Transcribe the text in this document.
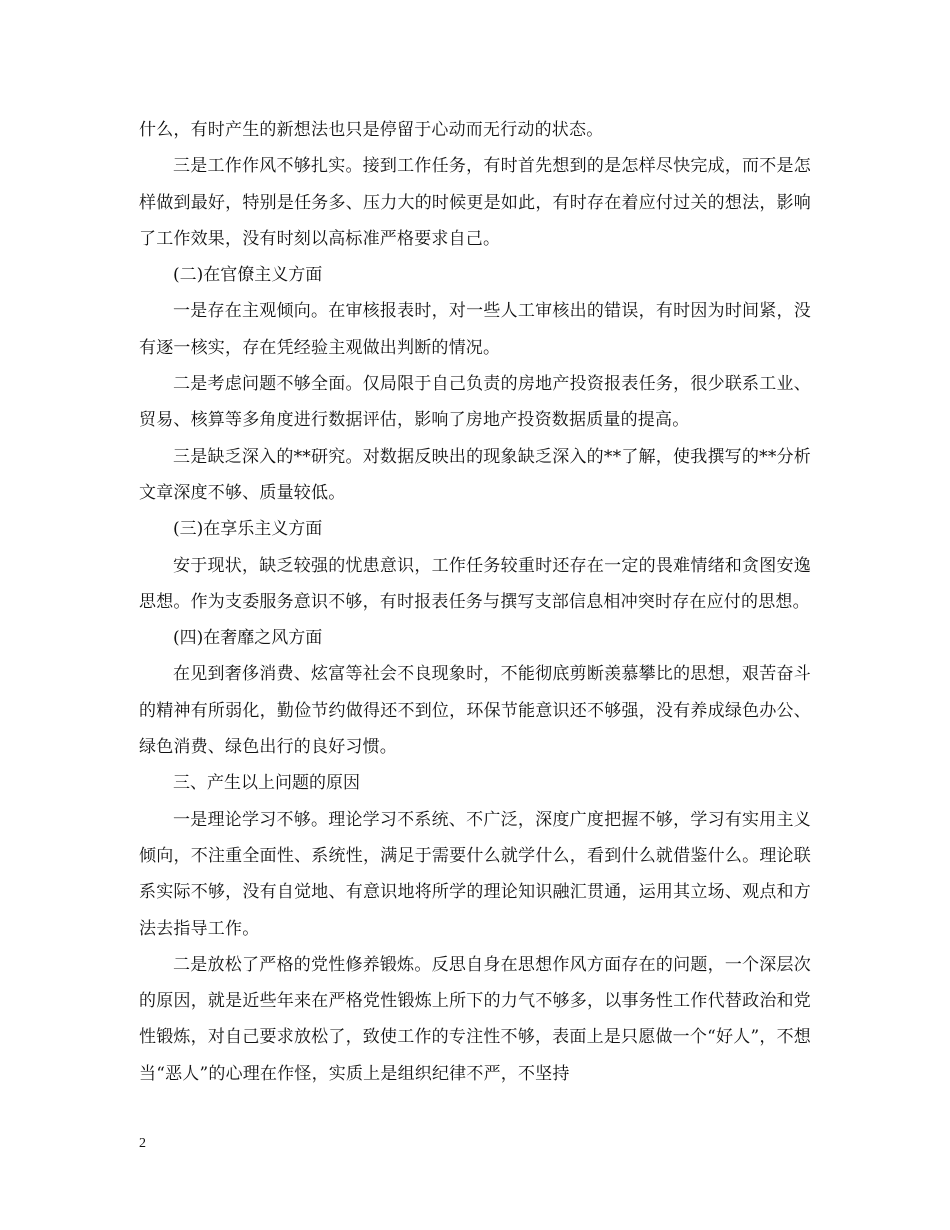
什么，有时产生的新想法也只是停留于心动而无行动的状态。

三是工作作风不够扎实。接到工作任务，有时首先想到的是怎样尽快完成，而不是怎样做到最好，特别是任务多、压力大的时候更是如此，有时存在着应付过关的想法，影响了工作效果，没有时刻以高标准严格要求自己。

(二)在官僚主义方面

一是存在主观倾向。在审核报表时，对一些人工审核出的错误，有时因为时间紧，没有逐一核实，存在凭经验主观做出判断的情况。

二是考虑问题不够全面。仅局限于自己负责的房地产投资报表任务，很少联系工业、贸易、核算等多角度进行数据评估，影响了房地产投资数据质量的提高。

三是缺乏深入的**研究。对数据反映出的现象缺乏深入的**了解，使我撰写的**分析文章深度不够、质量较低。

(三)在享乐主义方面

安于现状，缺乏较强的忧患意识，工作任务较重时还存在一定的畏难情绪和贪图安逸思想。作为支委服务意识不够，有时报表任务与撰写支部信息相冲突时存在应付的思想。

(四)在奢靡之风方面

在见到奢侈消费、炫富等社会不良现象时，不能彻底剪断羡慕攀比的思想，艰苦奋斗的精神有所弱化，勤俭节约做得还不到位，环保节能意识还不够强，没有养成绿色办公、绿色消费、绿色出行的良好习惯。

三、产生以上问题的原因

一是理论学习不够。理论学习不系统、不广泛，深度广度把握不够，学习有实用主义倾向，不注重全面性、系统性，满足于需要什么就学什么，看到什么就借鉴什么。理论联系实际不够，没有自觉地、有意识地将所学的理论知识融汇贯通，运用其立场、观点和方法去指导工作。

二是放松了严格的党性修养锻炼。反思自身在思想作风方面存在的问题，一个深层次的原因，就是近些年来在严格党性锻炼上所下的力气不够多，以事务性工作代替政治和党性锻炼，对自己要求放松了，致使工作的专注性不够，表面上是只愿做一个“好人”，不想当“恶人”的心理在作怪，实质上是组织纪律不严，不坚持

2
